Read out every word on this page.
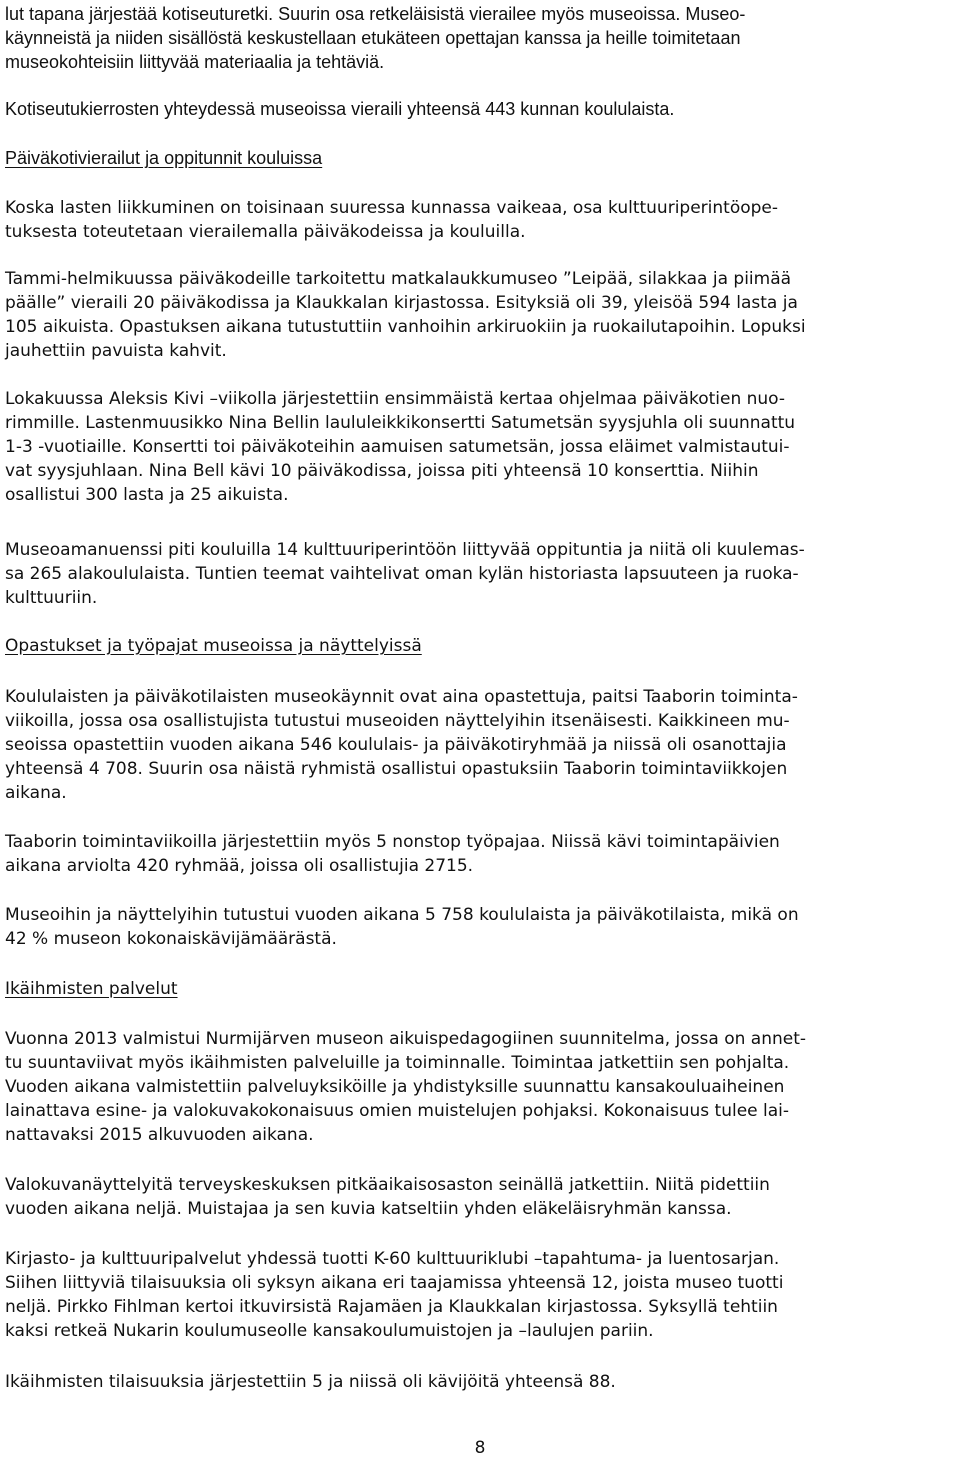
lut tapana järjestää kotiseuturetki. Suurin osa retkeläisistä vierailee myös museoissa. Museo-
käynneistä ja niiden sisällöstä keskustellaan etukäteen opettajan kanssa ja heille toimitetaan
museokohteisiin liittyvää materiaalia ja tehtäviä.
Kotiseutukierrosten yhteydessä museoissa vieraili yhteensä 443 kunnan koululaista.
Päiväkotivierailut ja oppitunnit kouluissa
Koska lasten liikkuminen on toisinaan suuressa kunnassa vaikeaa, osa kulttuuriperintöope-
tuksesta toteutetaan vierailemalla päiväkodeissa ja kouluilla.
Tammi-helmikuussa päiväkodeille tarkoitettu matkalaukkumuseo ”Leipää, silakkaa ja piimää
päälle” vieraili 20 päiväkodissa ja Klaukkalan kirjastossa. Esityksiä oli 39, yleisöä 594 lasta ja
105 aikuista. Opastuksen aikana tutustuttiin vanhoihin arkiruokiin ja ruokailutapoihin. Lopuksi
jauhettiin pavuista kahvit.
Lokakuussa Aleksis Kivi –viikolla järjestettiin ensimmäistä kertaa ohjelmaa päiväkotien nuo-
rimmille. Lastenmuusikko Nina Bellin laululeikkikonsertti Satumetsän syysjuhla oli suunnattu
1-3 -vuotiaille. Konsertti toi päiväkoteihin aamuisen satumetsän, jossa eläimet valmistautui-
vat syysjuhlaan. Nina Bell kävi 10 päiväkodissa, joissa piti yhteensä 10 konserttia. Niihin
osallistui 300 lasta ja 25 aikuista.
Museoamanuenssi piti kouluilla 14 kulttuuriperintöön liittyvää oppituntia ja niitä oli kuulemas-
sa 265 alakoululaista. Tuntien teemat vaihtelivat oman kylän historiasta lapsuuteen ja ruoka-
kulttuuriin.
Opastukset ja työpajat museoissa ja näyttelyissä
Koululaisten ja päiväkotilaisten museokäynnit ovat aina opastettuja, paitsi Taaborin toiminta-
viikoilla, jossa osa osallistujista tutustui museoiden näyttelyihin itsenäisesti. Kaikkineen mu-
seoissa opastettiin vuoden aikana 546 koululais- ja päiväkotiryhmää ja niissä oli osanottajia
yhteensä 4 708. Suurin osa näistä ryhmistä osallistui opastuksiin Taaborin toimintaviikkojen
aikana.
Taaborin toimintaviikoilla järjestettiin myös 5 nonstop työpajaa. Niissä kävi toimintapäivien
aikana arviolta 420 ryhmää, joissa oli osallistujia 2715.
Museoihin ja näyttelyihin tutustui vuoden aikana 5 758 koululaista ja päiväkotilaista, mikä on
42 % museon kokonaiskävijämäärästä.
Ikäihmisten palvelut
Vuonna 2013 valmistui Nurmijärven museon aikuispedagogiinen suunnitelma, jossa on annet-
tu suuntaviivat myös ikäihmisten palveluille ja toiminnalle. Toimintaa jatkettiin sen pohjalta.
Vuoden aikana valmistettiin palveluyksiköille ja yhdistyksille suunnattu kansakouluaiheinen
lainattava esine- ja valokuvakokonaisuus omien muistelujen pohjaksi. Kokonaisuus tulee lai-
nattavaksi 2015 alkuvuoden aikana.
Valokuvanäyttelyitä terveyskeskuksen pitkäaikaisosaston seinällä jatkettiin. Niitä pidettiin
vuoden aikana neljä. Muistajaa ja sen kuvia katseltiin yhden eläkeläisryhmän kanssa.
Kirjasto- ja kulttuuripalvelut yhdessä tuotti K-60 kulttuuriklubi –tapahtuma- ja luentosarjan.
Siihen liittyviä tilaisuuksia oli syksyn aikana eri taajamissa yhteensä 12, joista museo tuotti
neljä. Pirkko Fihlman kertoi itkuvirsistä Rajamäen ja Klaukkalan kirjastossa. Syksyllä tehtiin
kaksi retkeä Nukarin koulumuseolle kansakoulumuistojen ja –laulujen pariin.
Ikäihmisten tilaisuuksia järjestettiin 5 ja niissä oli kävijöitä yhteensä 88.
8
